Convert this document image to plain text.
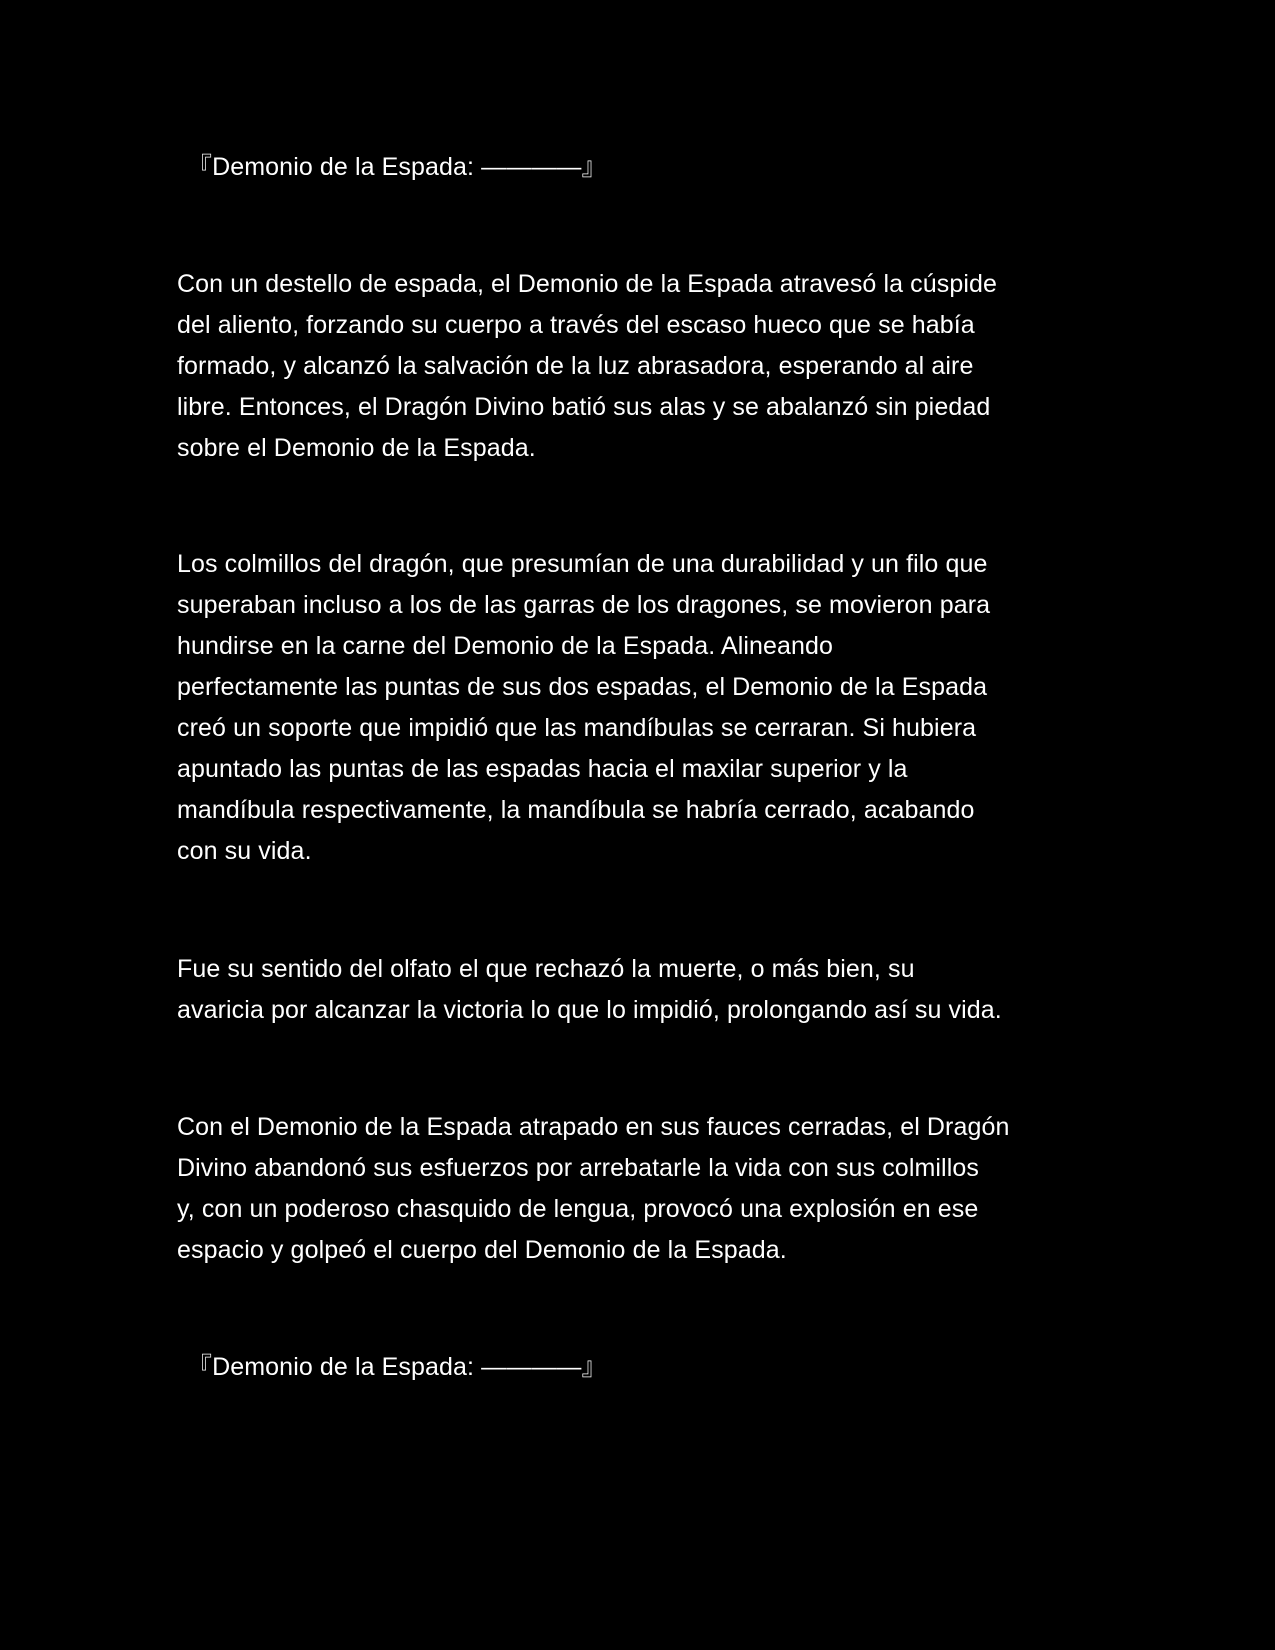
『Demonio de la Espada: ————』

Con un destello de espada, el Demonio de la Espada atravesó la cúspide
del aliento, forzando su cuerpo a través del escaso hueco que se había
formado, y alcanzó la salvación de la luz abrasadora, esperando al aire
libre. Entonces, el Dragón Divino batió sus alas y se abalanzó sin piedad
sobre el Demonio de la Espada.

Los colmillos del dragón, que presumían de una durabilidad y un filo que
superaban incluso a los de las garras de los dragones, se movieron para
hundirse en la carne del Demonio de la Espada. Alineando
perfectamente las puntas de sus dos espadas, el Demonio de la Espada
creó un soporte que impidió que las mandíbulas se cerraran. Si hubiera
apuntado las puntas de las espadas hacia el maxilar superior y la
mandíbula respectivamente, la mandíbula se habría cerrado, acabando
con su vida.

Fue su sentido del olfato el que rechazó la muerte, o más bien, su
avaricia por alcanzar la victoria lo que lo impidió, prolongando así su vida.

Con el Demonio de la Espada atrapado en sus fauces cerradas, el Dragón
Divino abandonó sus esfuerzos por arrebatarle la vida con sus colmillos
y, con un poderoso chasquido de lengua, provocó una explosión en ese
espacio y golpeó el cuerpo del Demonio de la Espada.

『Demonio de la Espada: ————』
